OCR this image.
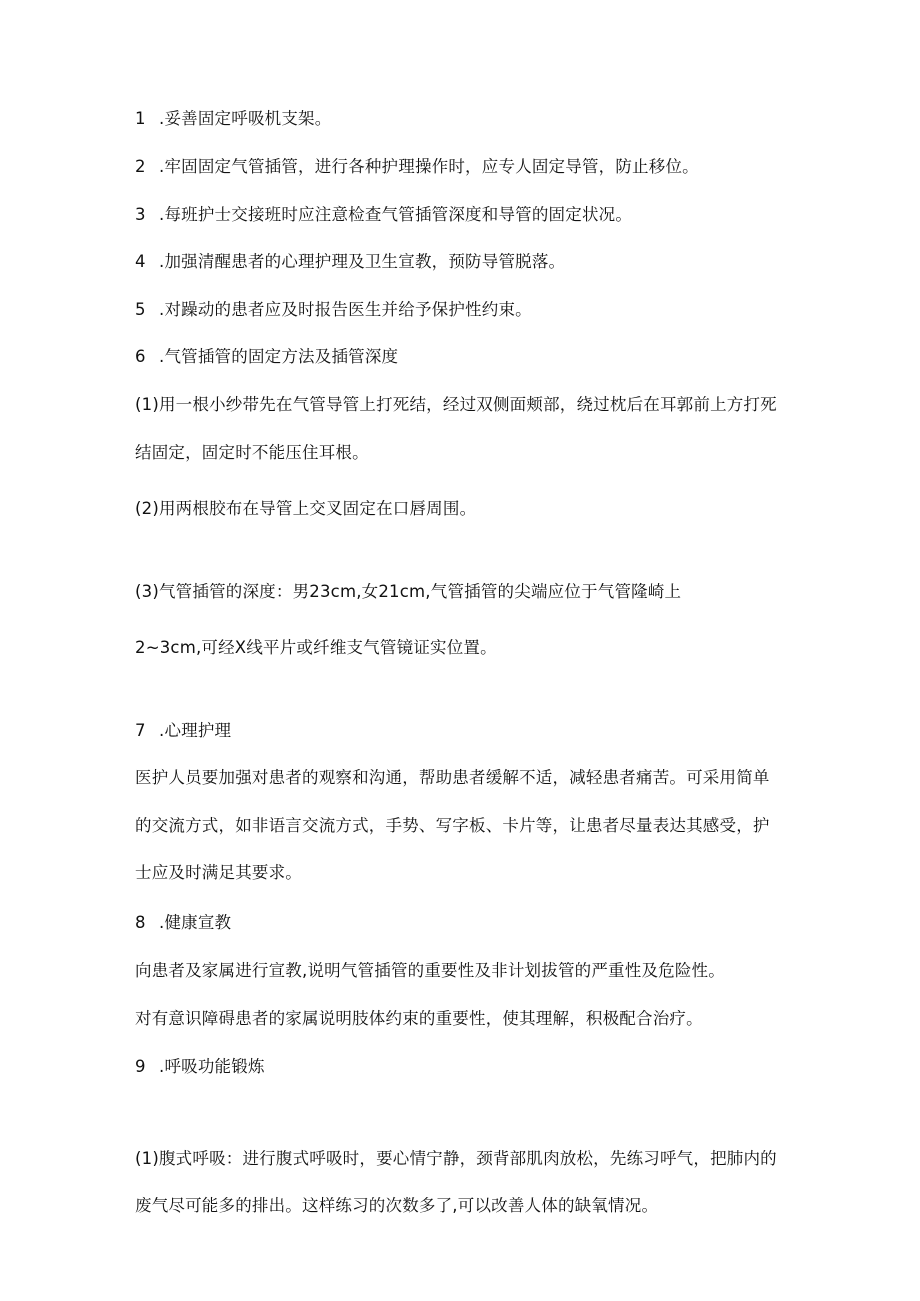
1 .妥善固定呼吸机支架。
2 .牢固固定气管插管，进行各种护理操作时，应专人固定导管，防止移位。
3 .每班护士交接班时应注意检查气管插管深度和导管的固定状况。
4 .加强清醒患者的心理护理及卫生宣教，预防导管脱落。
5 .对躁动的患者应及时报告医生并给予保护性约束。
6 .气管插管的固定方法及插管深度
(1)用一根小纱带先在气管导管上打死结，经过双侧面颊部，绕过枕后在耳郭前上方打死
结固定，固定时不能压住耳根。
(2)用两根胶布在导管上交叉固定在口唇周围。
(3)气管插管的深度：男23cm,女21cm,气管插管的尖端应位于气管隆崎上
2~3cm,可经X线平片或纤维支气管镜证实位置。
7 .心理护理
医护人员要加强对患者的观察和沟通，帮助患者缓解不适，减轻患者痛苦。可采用简单
的交流方式，如非语言交流方式，手势、写字板、卡片等，让患者尽量表达其感受，护
士应及时满足其要求。
8 .健康宣教
向患者及家属进行宣教,说明气管插管的重要性及非计划拔管的严重性及危险性。
对有意识障碍患者的家属说明肢体约束的重要性，使其理解，积极配合治疗。
9 .呼吸功能锻炼
(1)腹式呼吸：进行腹式呼吸时，要心情宁静，颈背部肌肉放松，先练习呼气，把肺内的
废气尽可能多的排出。这样练习的次数多了,可以改善人体的缺氧情况。
